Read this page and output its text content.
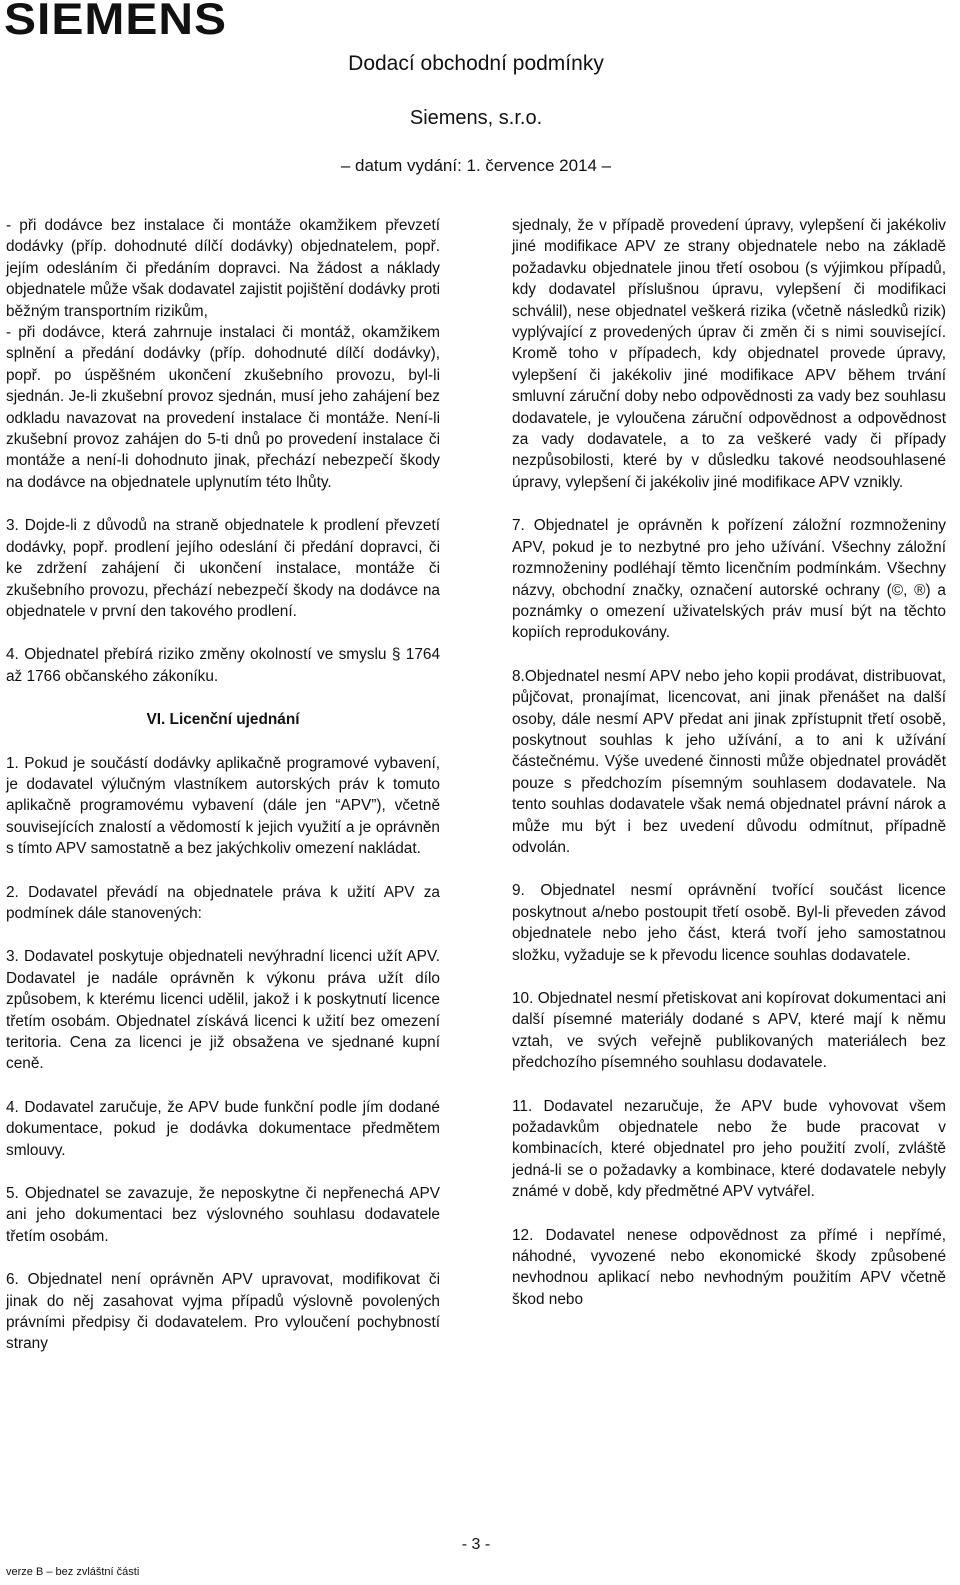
SIEMENS
Dodací obchodní podmínky
Siemens, s.r.o.
– datum vydání: 1. července 2014 –

- při dodávce bez instalace či montáže okamžikem převzetí dodávky (příp. dohodnuté dílčí dodávky) objednatelem, popř. jejím odesláním či předáním dopravci. Na žádost a náklady objednatele může však dodavatel zajistit pojištění dodávky proti běžným transportním rizikům,

- při dodávce, která zahrnuje instalaci či montáž, okamžikem splnění a předání dodávky (příp. dohodnuté dílčí dodávky), popř. po úspěšném ukončení zkušebního provozu, byl-li sjednán. Je-li zkušební provoz sjednán, musí jeho zahájení bez odkladu navazovat na provedení instalace či montáže. Není-li zkušební provoz zahájen do 5-ti dnů po provedení instalace či montáže a není-li dohodnuto jinak, přechází nebezpečí škody na dodávce na objednatele uplynutím této lhůty.

3. Dojde-li z důvodů na straně objednatele k prodlení převzetí dodávky, popř. prodlení jejího odeslání či předání dopravci, či ke zdržení zahájení či ukončení instalace, montáže či zkušebního provozu, přechází nebezpečí škody na dodávce na objednatele v první den takového prodlení.

4. Objednatel přebírá riziko změny okolností ve smyslu § 1764 až 1766 občanského zákoníku.

VI. Licenční ujednání

1. Pokud je součástí dodávky aplikačně programové vybavení, je dodavatel výlučným vlastníkem autorských práv k tomuto aplikačně programovému vybavení (dále jen “APV”), včetně souvisejících znalostí a vědomostí k jejich využití a je oprávněn s tímto APV samostatně a bez jakýchkoliv omezení nakládat.

2. Dodavatel převádí na objednatele práva k užití APV za podmínek dále stanovených:

3. Dodavatel poskytuje objednateli nevýhradní licenci užít APV. Dodavatel je nadále oprávněn k výkonu práva užít dílo způsobem, k kterému licenci udělil, jakož i k poskytnutí licence třetím osobám. Objednatel získává licenci k užití bez omezení teritoria. Cena za licenci je již obsažena ve sjednané kupní ceně.

4. Dodavatel zaručuje, že APV bude funkční podle jím dodané dokumentace, pokud je dodávka dokumentace předmětem smlouvy.

5. Objednatel se zavazuje, že neposkytne či nepřenechá APV ani jeho dokumentaci bez výslovného souhlasu dodavatele třetím osobám.

6. Objednatel není oprávněn APV upravovat, modifikovat či jinak do něj zasahovat vyjma případů výslovně povolených právními předpisy či dodavatelem. Pro vyloučení pochybností strany

sjednaly, že v případě provedení úpravy, vylepšení či jakékoliv jiné modifikace APV ze strany objednatele nebo na základě požadavku objednatele jinou třetí osobou (s výjimkou případů, kdy dodavatel příslušnou úpravu, vylepšení či modifikaci schválil), nese objednatel veškerá rizika (včetně následků rizik) vyplývající z provedených úprav či změn či s nimi související. Kromě toho v případech, kdy objednatel provede úpravy, vylepšení či jakékoliv jiné modifikace APV během trvání smluvní záruční doby nebo odpovědnosti za vady bez souhlasu dodavatele, je vyloučena záruční odpovědnost a odpovědnost za vady dodavatele, a to za veškeré vady či případy nezpůsobilosti, které by v důsledku takové neodsouhlasené úpravy, vylepšení či jakékoliv jiné modifikace APV vznikly.

7. Objednatel je oprávněn k pořízení záložní rozmnoženiny APV, pokud je to nezbytné pro jeho užívání. Všechny záložní rozmnoženiny podléhají těmto licenčním podmínkám. Všechny názvy, obchodní značky, označení autorské ochrany (©, ®) a poznámky o omezení uživatelských práv musí být na těchto kopiích reprodukovány.

8.Objednatel nesmí APV nebo jeho kopii prodávat, distribuovat, půjčovat, pronajímat, licencovat, ani jinak přenášet na další osoby, dále nesmí APV předat ani jinak zpřístupnit třetí osobě, poskytnout souhlas k jeho užívání, a to ani k užívání částečnému. Výše uvedené činnosti může objednatel provádět pouze s předchozím písemným souhlasem dodavatele. Na tento souhlas dodavatele však nemá objednatel právní nárok a může mu být i bez uvedení důvodu odmítnut, případně odvolán.

9. Objednatel nesmí oprávnění tvořící součást licence poskytnout a/nebo postoupit třetí osobě. Byl-li převeden závod objednatele nebo jeho část, která tvoří jeho samostatnou složku, vyžaduje se k převodu licence souhlas dodavatele.

10. Objednatel nesmí přetiskovat ani kopírovat dokumentaci ani další písemné materiály dodané s APV, které mají k němu vztah, ve svých veřejně publikovaných materiálech bez předchozího písemného souhlasu dodavatele.

11. Dodavatel nezaručuje, že APV bude vyhovovat všem požadavkům objednatele nebo že bude pracovat v kombinacích, které objednatel pro jeho použití zvolí, zvláště jedná-li se o požadavky a kombinace, které dodavatele nebyly známé v době, kdy předmětné APV vytvářel.

12. Dodavatel nenese odpovědnost za přímé i nepřímé, náhodné, vyvozené nebo ekonomické škody způsobené nevhodnou aplikací nebo nevhodným použitím APV včetně škod nebo

- 3 -
verze B – bez zvláštní části
